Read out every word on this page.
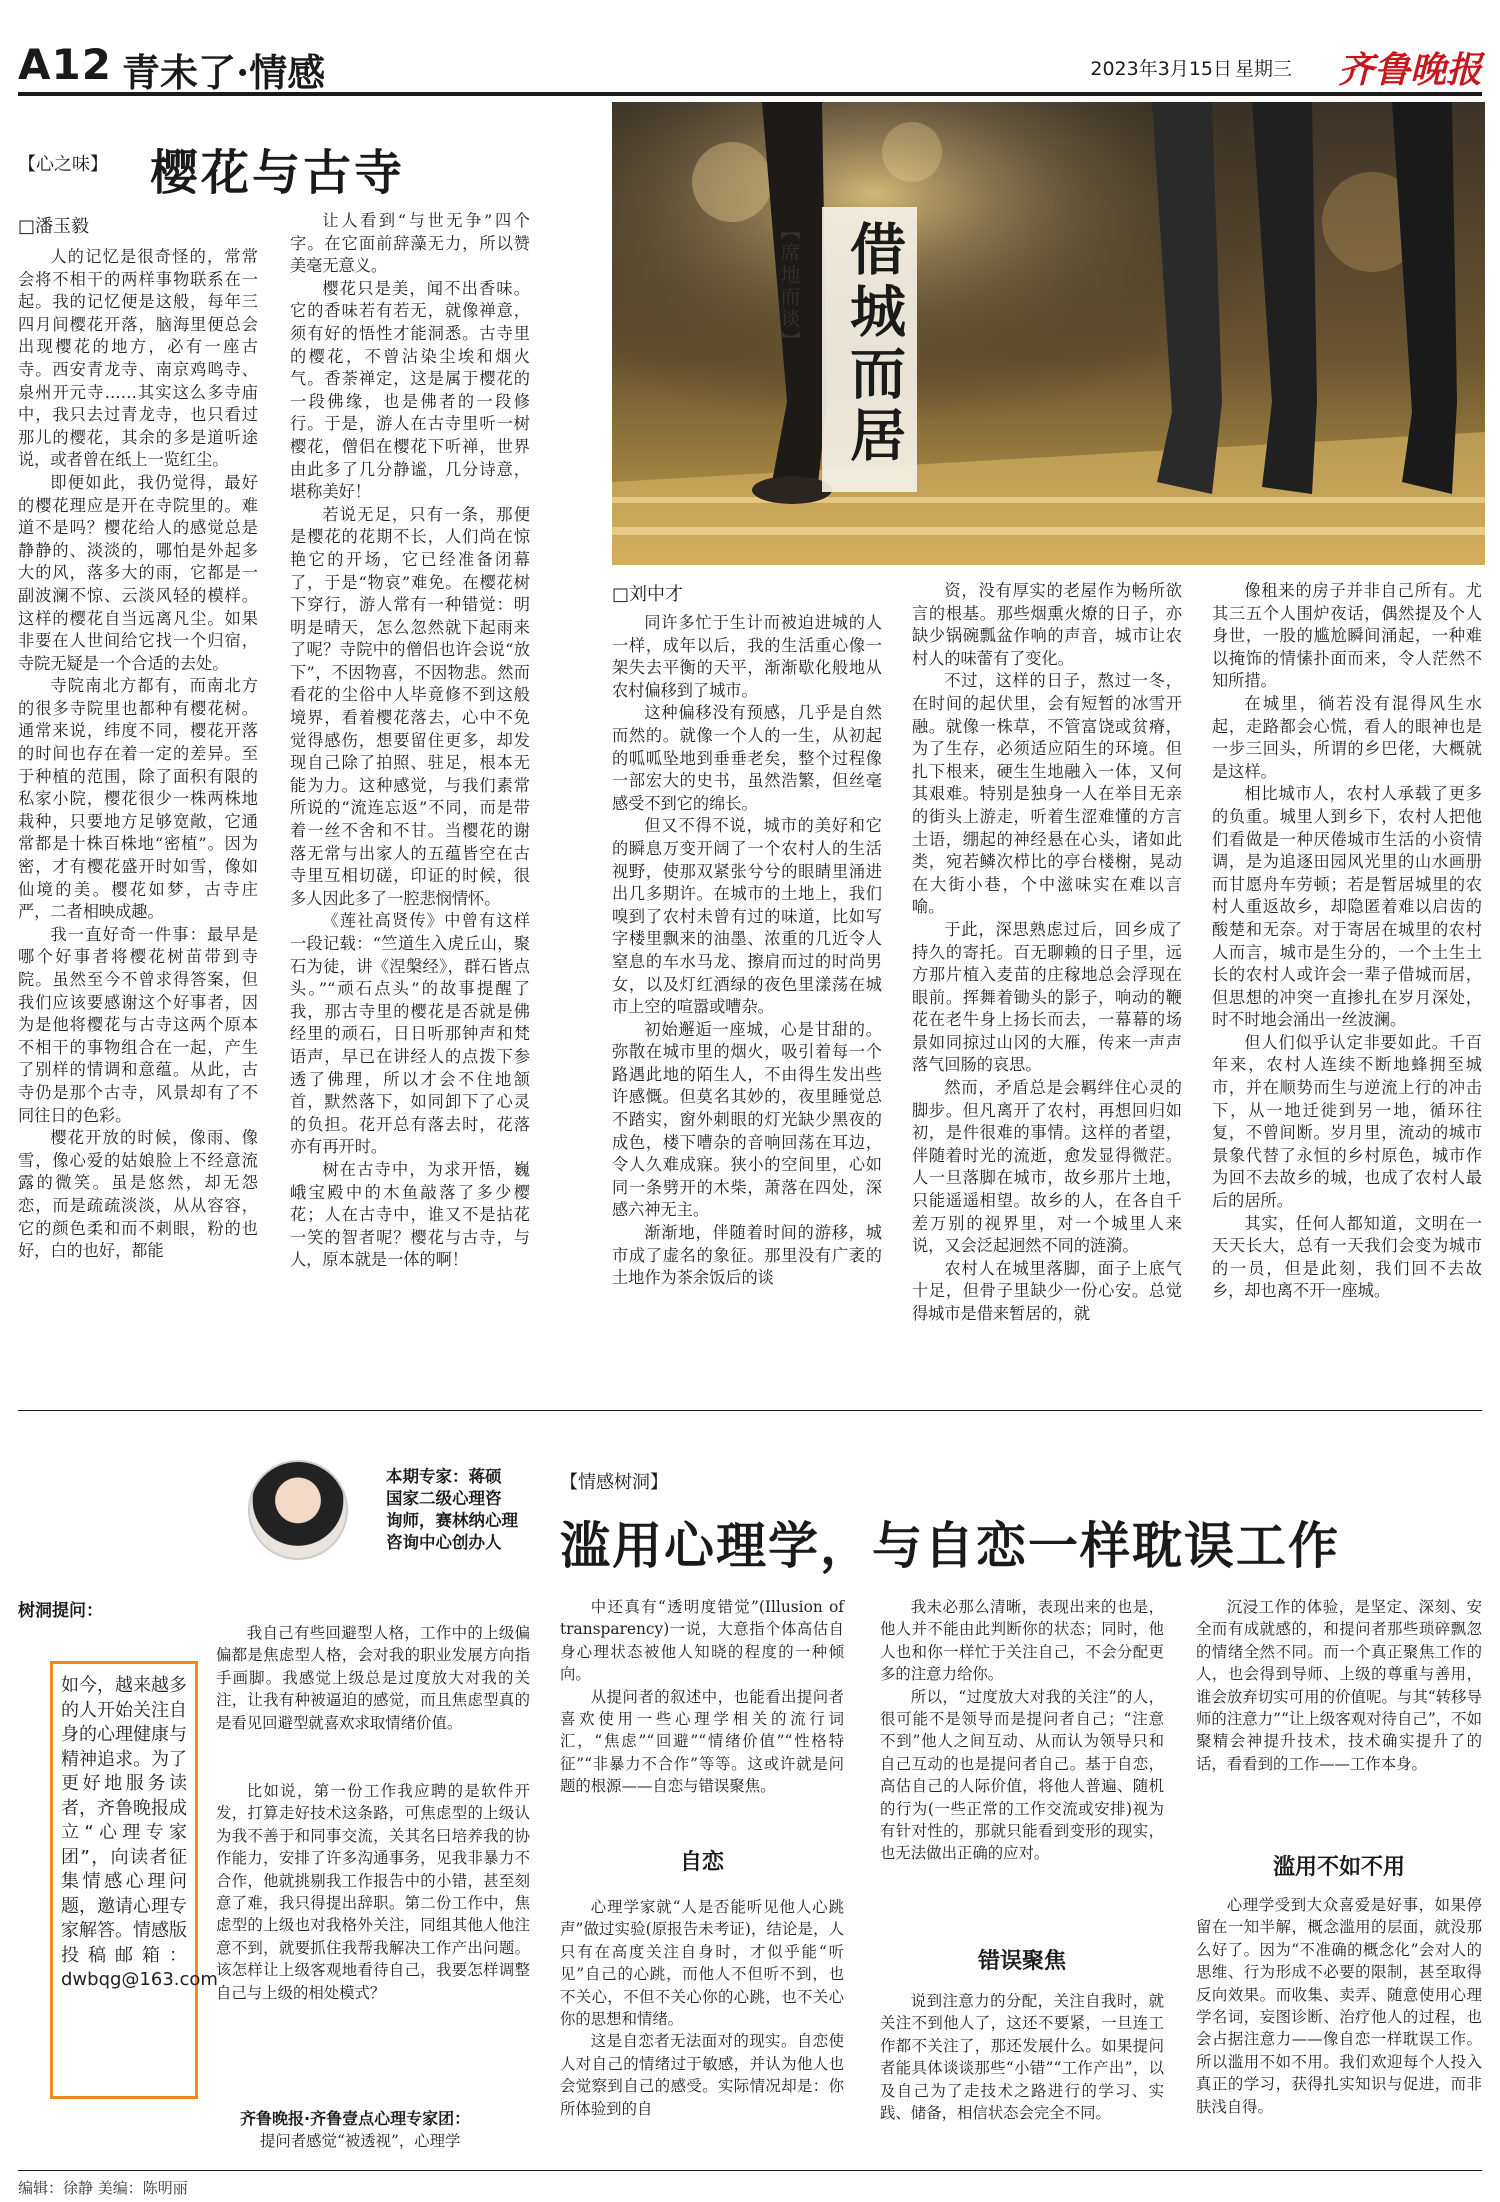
A12 青未了·情感	2023年3月15日 星期三 齐鲁晚报
【心之味】 樱花与古寺
□潘玉毅

人的记忆是很奇怪的，常常会将不相干的两样事物联系在一起。我的记忆便是这般，每年三四月间樱花开落，脑海里便总会出现樱花的地方，必有一座古寺。西安青龙寺、南京鸡鸣寺、泉州开元寺……其实这么多寺庙中，我只去过青龙寺，也只看过那儿的樱花，其余的多是道听途说，或者曾在纸上一览红尘。

即便如此，我仍觉得，最好的樱花理应是开在寺院里的。难道不是吗？樱花给人的感觉总是静静的、淡淡的，哪怕是外起多大的风，落多大的雨，它都是一副波澜不惊、云淡风轻的模样。这样的樱花自当远离凡尘。如果非要在人世间给它找一个归宿，寺院无疑是一个合适的去处。

寺院南北方都有，而南北方的很多寺院里也都种有樱花树。通常来说，纬度不同，樱花开落的时间也存在着一定的差异。至于种植的范围，除了面积有限的私家小院，樱花很少一株两株地栽种，只要地方足够宽敞，它通常都是十株百株地“密植”。因为密，才有樱花盛开时如雪，像如仙境的美。樱花如梦，古寺庄严，二者相映成趣。

我一直好奇一件事：最早是哪个好事者将樱花树苗带到寺院。虽然至今不曾求得答案，但我们应该要感谢这个好事者，因为是他将樱花与古寺这两个原本不相干的事物组合在一起，产生了别样的情调和意蕴。从此，古寺仍是那个古寺，风景却有了不同往日的色彩。

樱花开放的时候，像雨、像雪，像心爱的姑娘脸上不经意流露的微笑。虽是悠然，却无怨恋，而是疏疏淡淡，从从容容，它的颜色柔和而不刺眼，粉的也好，白的也好，都能

让人看到“与世无争”四个字。在它面前辞藻无力，所以赞美毫无意义。

樱花只是美，闻不出香味。它的香味若有若无，就像禅意，须有好的悟性才能洞悉。古寺里的樱花，不曾沾染尘埃和烟火气。香荼禅定，这是属于樱花的一段佛缘，也是佛者的一段修行。于是，游人在古寺里听一树樱花，僧侣在樱花下听禅，世界由此多了几分静谧，几分诗意，堪称美好！

若说无足，只有一条，那便是樱花的花期不长，人们尚在惊艳它的开场，它已经准备闭幕了，于是“物哀”难免。在樱花树下穿行，游人常有一种错觉：明明是晴天，怎么忽然就下起雨来了呢？寺院中的僧侣也许会说“放下”，不因物喜，不因物悲。然而看花的尘俗中人毕竟修不到这般境界，看着樱花落去，心中不免觉得感伤，想要留住更多，却发现自己除了拍照、驻足，根本无能为力。这种感觉，与我们素常所说的“流连忘返”不同，而是带着一丝不舍和不甘。当樱花的谢落无常与出家人的五蕴皆空在古寺里互相切磋，印证的时候，很多人因此多了一腔悲悯情怀。

《莲社高贤传》中曾有这样一段记载：“竺道生入虎丘山，聚石为徒，讲《涅槃经》，群石皆点头。”“顽石点头”的故事提醒了我，那古寺里的樱花是否就是佛经里的顽石，日日听那钟声和梵语声，早已在讲经人的点拨下参透了佛理，所以才会不住地颔首，默然落下，如同卸下了心灵的负担。花开总有落去时，花落亦有再开时。

树在古寺中，为求开悟，巍峨宝殿中的木鱼敲落了多少樱花；人在古寺中，谁又不是拈花一笑的智者呢？樱花与古寺，与人，原本就是一体的啊！

【席地而谈】 借城而居
□刘中才

同许多忙于生计而被迫进城的人一样，成年以后，我的生活重心像一架失去平衡的天平，渐渐歇化般地从农村偏移到了城市。

这种偏移没有预感，几乎是自然而然的。就像一个人的一生，从初起的呱呱坠地到垂垂老矣，整个过程像一部宏大的史书，虽然浩繁，但丝毫感受不到它的绵长。

但又不得不说，城市的美好和它的瞬息万变开阔了一个农村人的生活视野，使那双紧张兮兮的眼睛里涌进出几多期许。在城市的土地上，我们嗅到了农村未曾有过的味道，比如写字楼里飘来的油墨、浓重的几近令人窒息的车水马龙、擦肩而过的时尚男女，以及灯红酒绿的夜色里漾荡在城市上空的喧嚣或嘈杂。

初始邂逅一座城，心是甘甜的。弥散在城市里的烟火，吸引着每一个路遇此地的陌生人，不由得生发出些许感慨。但莫名其妙的，夜里睡觉总不踏实，窗外刺眼的灯光缺少黑夜的成色，楼下嘈杂的音响回荡在耳边，令人久难成寐。狭小的空间里，心如同一条劈开的木柴，萧落在四处，深感六神无主。

渐渐地，伴随着时间的游移，城市成了虚名的象征。那里没有广袤的土地作为茶余饭后的谈

资，没有厚实的老屋作为畅所欲言的根基。那些烟熏火燎的日子，亦缺少锅碗瓢盆作响的声音，城市让农村人的味蕾有了变化。

不过，这样的日子，熬过一冬，在时间的起伏里，会有短暂的冰雪开融。就像一株草，不管富饶或贫瘠，为了生存，必须适应陌生的环境。但扎下根来，硬生生地融入一体，又何其艰难。特别是独身一人在举目无亲的街头上游走，听着生涩难懂的方言土语，绷起的神经悬在心头，诸如此类，宛若鳞次栉比的亭台楼榭，晃动在大街小巷，个中滋味实在难以言喻。

于此，深思熟虑过后，回乡成了持久的寄托。百无聊赖的日子里，远方那片植入麦苗的庄稼地总会浮现在眼前。挥舞着锄头的影子，响动的鞭花在老牛身上扬长而去，一幕幕的场景如同掠过山冈的大雁，传来一声声落气回肠的哀思。

然而，矛盾总是会羁绊住心灵的脚步。但凡离开了农村，再想回归如初，是件很难的事情。这样的者望，伴随着时光的流逝，愈发显得微茫。人一旦落脚在城市，故乡那片土地，只能遥遥相望。故乡的人，在各自千差万别的视界里，对一个城里人来说，又会泛起迥然不同的涟漪。

农村人在城里落脚，面子上底气十足，但骨子里缺少一份心安。总觉得城市是借来暂居的，就

像租来的房子并非自己所有。尤其三五个人围炉夜话，偶然提及个人身世，一股的尴尬瞬间涌起，一种难以掩饰的情愫扑面而来，令人茫然不知所措。

在城里，徜若没有混得风生水起，走路都会心慌，看人的眼神也是一步三回头，所谓的乡巴佬，大概就是这样。

相比城市人，农村人承载了更多的负重。城里人到乡下，农村人把他们看做是一种厌倦城市生活的小资情调，是为追逐田园风光里的山水画册而甘愿舟车劳顿；若是暂居城里的农村人重返故乡，却隐匿着难以启齿的酸楚和无奈。对于寄居在城里的农村人而言，城市是生分的，一个土生土长的农村人或许会一辈子借城而居，但思想的冲突一直掺扎在岁月深处，时不时地会涌出一丝波澜。

但人们似乎认定非要如此。千百年来，农村人连续不断地蜂拥至城市，并在顺势而生与逆流上行的冲击下，从一地迁徙到另一地，循环往复，不曾间断。岁月里，流动的城市景象代替了永恒的乡村原色，城市作为回不去故乡的城，也成了农村人最后的居所。

其实，任何人都知道，文明在一天天长大，总有一天我们会变为城市的一员，但是此刻，我们回不去故乡，却也离不开一座城。

本期专家：蒋硕
国家二级心理咨
询师，赛林纳心理
咨询中心创办人
【情感树洞】
滥用心理学，与自恋一样耽误工作
树洞提问：
如今，越来越多的人开始关注自身的心理健康与精神追求。为了更好地服务读者，齐鲁晚报成立“心理专家团”，向读者征集情感心理问题，邀请心理专家解答。情感版投稿邮箱：dwbqg@163.com
我自己有些回避型人格，工作中的上级偏偏都是焦虑型人格，会对我的职业发展方向指手画脚。我感觉上级总是过度放大对我的关注，让我有种被逼迫的感觉，而且焦虑型真的是看见回避型就喜欢求取情绪价值。
比如说，第一份工作我应聘的是软件开发，打算走好技术这条路，可焦虑型的上级认为我不善于和同事交流，关其名曰培养我的协作能力，安排了许多沟通事务，见我非暴力不合作，他就挑剔我工作报告中的小错，甚至刻意了难，我只得提出辞职。第二份工作中，焦虑型的上级也对我格外关注，同组其他人他注意不到，就要抓住我帮我解决工作产出问题。该怎样让上级客观地看待自己，我要怎样调整自己与上级的相处模式？
齐鲁晚报·齐鲁壹点心理专家团：
提问者感觉“被透视”，心理学

中还真有“透明度错觉”(Illusion of transparency)一说，大意指个体高估自身心理状态被他人知晓的程度的一种倾向。

从提问者的叙述中，也能看出提问者喜欢使用一些心理学相关的流行词汇，“焦虑”“回避”“情绪价值”“性格特征”“非暴力不合作”等等。这或许就是问题的根源——自恋与错误聚焦。

自恋

心理学家就“人是否能听见他人心跳声”做过实验(原报告未考证)，结论是，人只有在高度关注自身时，才似乎能“听见”自己的心跳，而他人不但听不到，也不关心，不但不关心你的心跳，也不关心你的思想和情绪。

这是自恋者无法面对的现实。自恋使人对自己的情绪过于敏感，并认为他人也会觉察到自己的感受。实际情况却是：你所体验到的自

我未必那么清晰，表现出来的也是，他人并不能由此判断你的状态；同时，他人也和你一样忙于关注自己，不会分配更多的注意力给你。

所以，“过度放大对我的关注”的人，很可能不是领导而是提问者自己；“注意不到”他人之间互动、从而认为领导只和自己互动的也是提问者自己。基于自恋，高估自己的人际价值，将他人普遍、随机的行为(一些正常的工作交流或安排)视为有针对性的，那就只能看到变形的现实，也无法做出正确的应对。

错误聚焦

说到注意力的分配，关注自我时，就关注不到他人了，这还不要紧，一旦连工作都不关注了，那还发展什么。如果提问者能具体谈谈那些“小错”“工作产出”，以及自己为了走技术之路进行的学习、实践、储备，相信状态会完全不同。

沉浸工作的体验，是坚定、深刻、安全而有成就感的，和提问者那些琐碎飘忽的情绪全然不同。而一个真正聚焦工作的人，也会得到导师、上级的尊重与善用，谁会放弃切实可用的价值呢。与其“转移导师的注意力”“让上级客观对待自己”，不如聚精会神提升技术，技术确实提升了的话，看看到的工作——工作本身。

滥用不如不用

心理学受到大众喜爱是好事，如果停留在一知半解，概念滥用的层面，就没那么好了。因为“不准确的概念化”会对人的思维、行为形成不必要的限制，甚至取得反向效果。而收集、卖弄、随意使用心理学名词，妄图诊断、治疗他人的过程，也会占据注意力——像自恋一样耽误工作。所以滥用不如不用。我们欢迎每个人投入真正的学习，获得扎实知识与促进，而非肤浅自得。

编辑：徐静 美编：陈明丽
